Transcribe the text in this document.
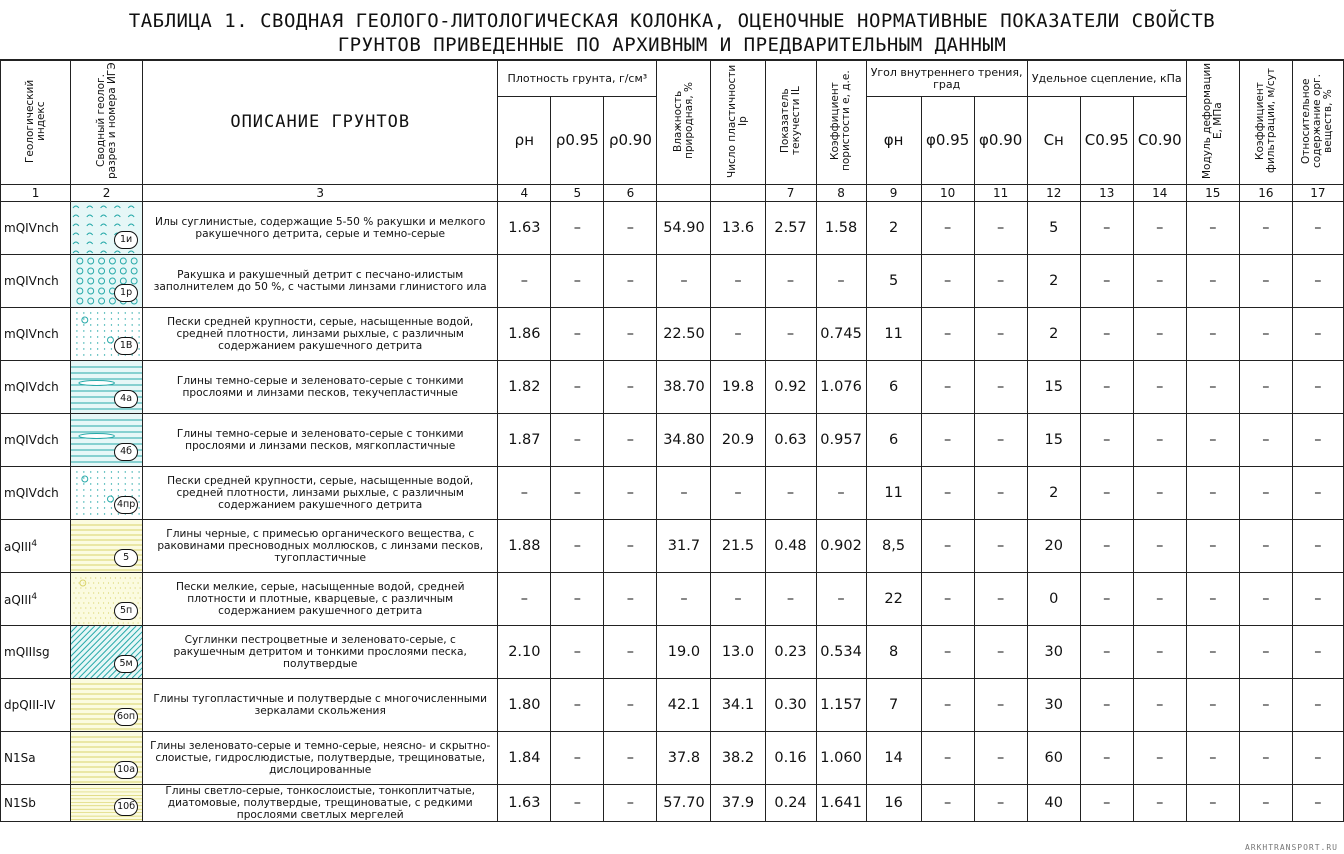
ТАБЛИЦА 1. СВОДНАЯ ГЕОЛОГО-ЛИТОЛОГИЧЕСКАЯ КОЛОНКА, ОЦЕНОЧНЫЕ НОРМАТИВНЫЕ ПОКАЗАТЕЛИ СВОЙСТВ
ГРУНТОВ ПРИВЕДЕННЫЕ ПО АРХИВНЫМ И ПРЕДВАРИТЕЛЬНЫМ ДАННЫМ
Геологический индекс	Сводный геолог. разрез и номера ИГЭ	ОПИСАНИЕ ГРУНТОВ	Плотность грунта, г/см³			Влажность природная, %	Число пластичности Ip	Показатель текучести IL	Коэффициент пористости е, д.е.	Угол внутреннего трения, град			Удельное сцепление, кПа			Модуль деформации Е, МПа	Коэффициент фильтрации, м/сут	Относительное содержание орг. веществ, %
			ρн	ρ0.95	ρ0.90					φн	φ0.95	φ0.90	Сн	С0.95	С0.90			
1	2	3	4	5	6			7	8	9	10	11	12	13	14	15	16	17
mQIVnch	1и	Илы суглинистые, содержащие 5-50 % ракушки и мелкого ракушечного детрита, серые и темно-серые	1.63	–	–	54.90	13.6	2.57	1.58	2	–	–	5	–	–	–	–	–
mQIVnch	1р	Ракушка и ракушечный детрит с песчано-илистым заполнителем до 50 %, с частыми линзами глинистого ила	–	–	–	–	–	–	–	5	–	–	2	–	–	–	–	–
mQIVnch	1В	Пески средней крупности, серые, насыщенные водой, средней плотности, линзами рыхлые, с различным содержанием ракушечного детрита	1.86	–	–	22.50	–	–	0.745	11	–	–	2	–	–	–	–	–
mQIVdch	4а	Глины темно-серые и зеленовато-серые с тонкими прослоями и линзами песков, текучепластичные	1.82	–	–	38.70	19.8	0.92	1.076	6	–	–	15	–	–	–	–	–
mQIVdch	4б	Глины темно-серые и зеленовато-серые с тонкими прослоями и линзами песков, мягкопластичные	1.87	–	–	34.80	20.9	0.63	0.957	6	–	–	15	–	–	–	–	–
mQIVdch	4пр	Пески средней крупности, серые, насыщенные водой, средней плотности, линзами рыхлые, с различным содержанием ракушечного детрита	–	–	–	–	–	–	–	11	–	–	2	–	–	–	–	–
aQIII$^4$	5	Глины черные, с примесью органического вещества, с раковинами пресноводных моллюсков, с линзами песков, тугопластичные	1.88	–	–	31.7	21.5	0.48	0.902	8,5	–	–	20	–	–	–	–	–
aQIII$^4$	5п	Пески мелкие, серые, насыщенные водой, средней плотности и плотные, кварцевые, с различным содержанием ракушечного детрита	–	–	–	–	–	–	–	22	–	–	0	–	–	–	–	–
mQIIIsg	5м	Суглинки пестроцветные и зеленовато-серые, с ракушечным детритом и тонкими прослоями песка, полутвердые	2.10	–	–	19.0	13.0	0.23	0.534	8	–	–	30	–	–	–	–	–
dpQIII-IV	6оп	Глины тугопластичные и полутвердые с многочисленными зеркалами скольжения	1.80	–	–	42.1	34.1	0.30	1.157	7	–	–	30	–	–	–	–	–
N1Sa	10а	Глины зеленовато-серые и темно-серые, неясно- и скрытно-слоистые, гидрослюдистые, полутвердые, трещиноватые, дислоцированные	1.84	–	–	37.8	38.2	0.16	1.060	14	–	–	60	–	–	–	–	–
N1Sb	10б	Глины светло-серые, тонкослоистые, тонкоплитчатые, диатомовые, полутвердые, трещиноватые, с редкими прослоями светлых мергелей	1.63	–	–	57.70	37.9	0.24	1.641	16	–	–	40	–	–	–	–	–
ARKHTRANSPORT.RU
